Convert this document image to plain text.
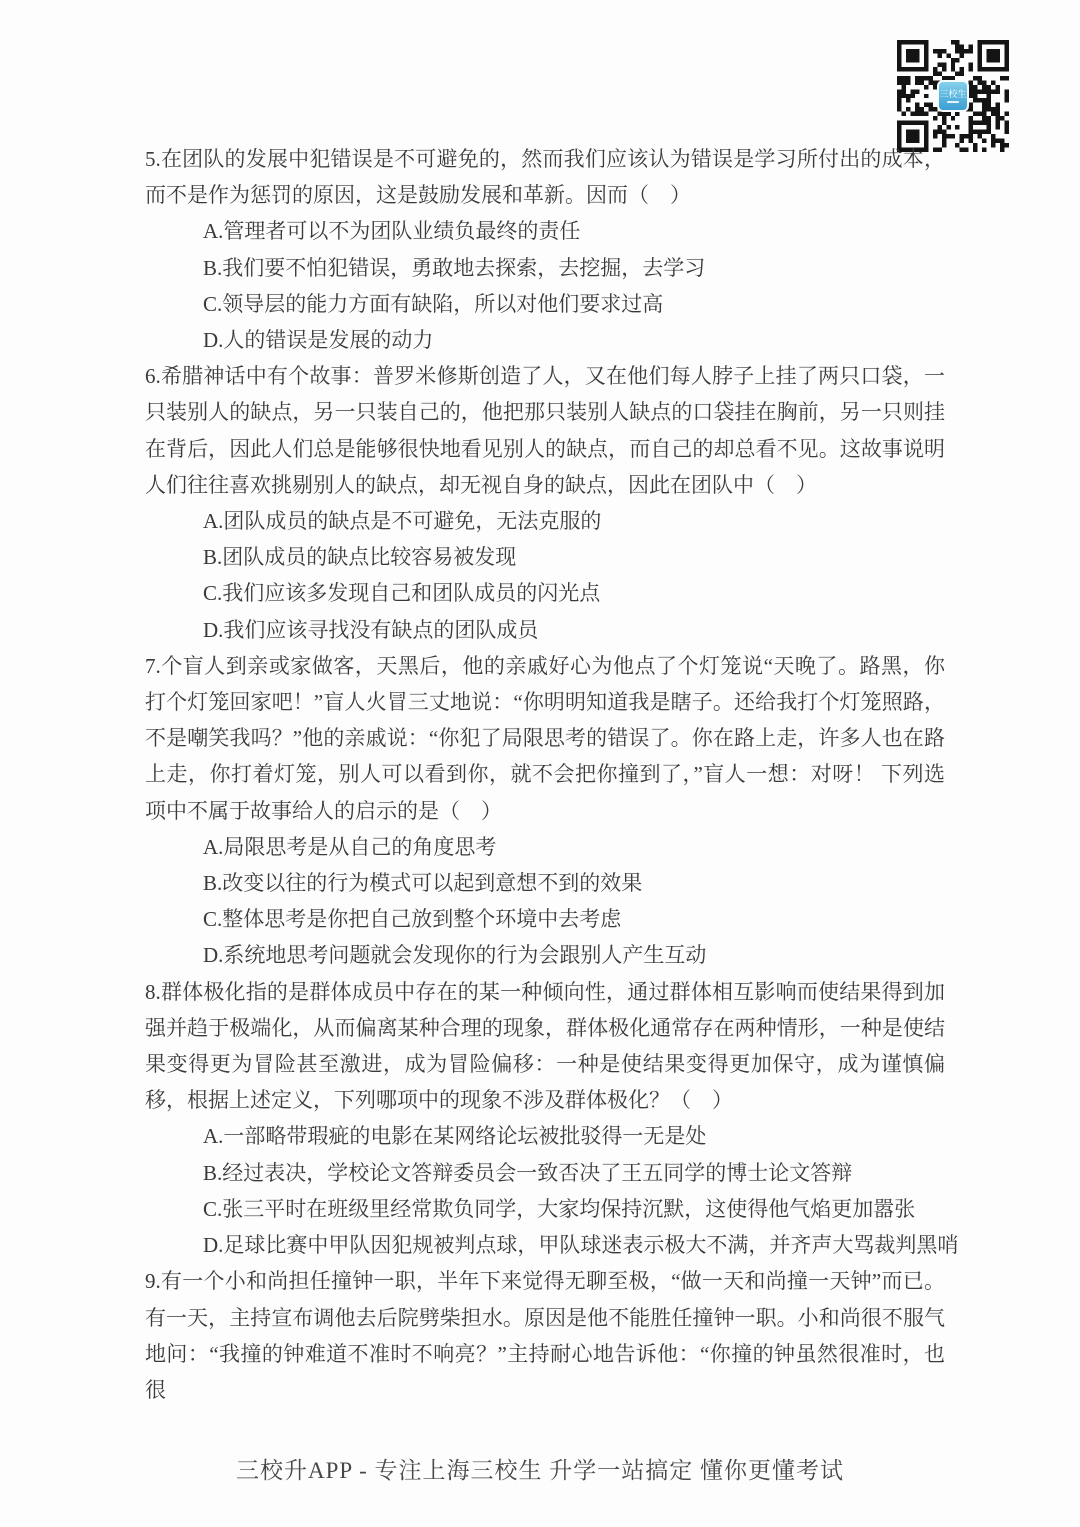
三校生

5.在团队的发展中犯错误是不可避免的，然而我们应该认为错误是学习所付出的成本，而不是作为惩罚的原因，这是鼓励发展和革新。因而（　）

A.管理者可以不为团队业绩负最终的责任

B.我们要不怕犯错误，勇敢地去探索，去挖掘，去学习

C.领导层的能力方面有缺陷，所以对他们要求过高

D.人的错误是发展的动力

6.希腊神话中有个故事：普罗米修斯创造了人，又在他们每人脖子上挂了两只口袋，一只装别人的缺点，另一只装自己的，他把那只装别人缺点的口袋挂在胸前，另一只则挂在背后，因此人们总是能够很快地看见别人的缺点，而自己的却总看不见。这故事说明人们往往喜欢挑剔别人的缺点，却无视自身的缺点，因此在团队中（　）

A.团队成员的缺点是不可避免，无法克服的

B.团队成员的缺点比较容易被发现

C.我们应该多发现自己和团队成员的闪光点

D.我们应该寻找没有缺点的团队成员

7.个盲人到亲或家做客，天黑后，他的亲戚好心为他点了个灯笼说“天晚了。路黑，你打个灯笼回家吧！”盲人火冒三丈地说：“你明明知道我是瞎子。还给我打个灯笼照路，不是嘲笑我吗？”他的亲戚说：“你犯了局限思考的错误了。你在路上走，许多人也在路上走，你打着灯笼，别人可以看到你，就不会把你撞到了，”盲人一想：对呀！ 下列选项中不属于故事给人的启示的是（　）

A.局限思考是从自己的角度思考

B.改变以往的行为模式可以起到意想不到的效果

C.整体思考是你把自己放到整个环境中去考虑

D.系统地思考问题就会发现你的行为会跟别人产生互动

8.群体极化指的是群体成员中存在的某一种倾向性，通过群体相互影响而使结果得到加强并趋于极端化，从而偏离某种合理的现象，群体极化通常存在两种情形，一种是使结果变得更为冒险甚至激进，成为冒险偏移：一种是使结果变得更加保守，成为谨慎偏移，根据上述定义，下列哪项中的现象不涉及群体极化？（　）

A.一部略带瑕疵的电影在某网络论坛被批驳得一无是处

B.经过表决，学校论文答辩委员会一致否决了王五同学的博士论文答辩

C.张三平时在班级里经常欺负同学，大家均保持沉默，这使得他气焰更加嚣张

D.足球比赛中甲队因犯规被判点球，甲队球迷表示极大不满，并齐声大骂裁判黑哨

9.有一个小和尚担任撞钟一职，半年下来觉得无聊至极，“做一天和尚撞一天钟”而已。有一天，主持宣布调他去后院劈柴担水。原因是他不能胜任撞钟一职。小和尚很不服气地问：“我撞的钟难道不准时不响亮？”主持耐心地告诉他：“你撞的钟虽然很准时，也很

三校升APP - 专注上海三校生 升学一站搞定 懂你更懂考试
